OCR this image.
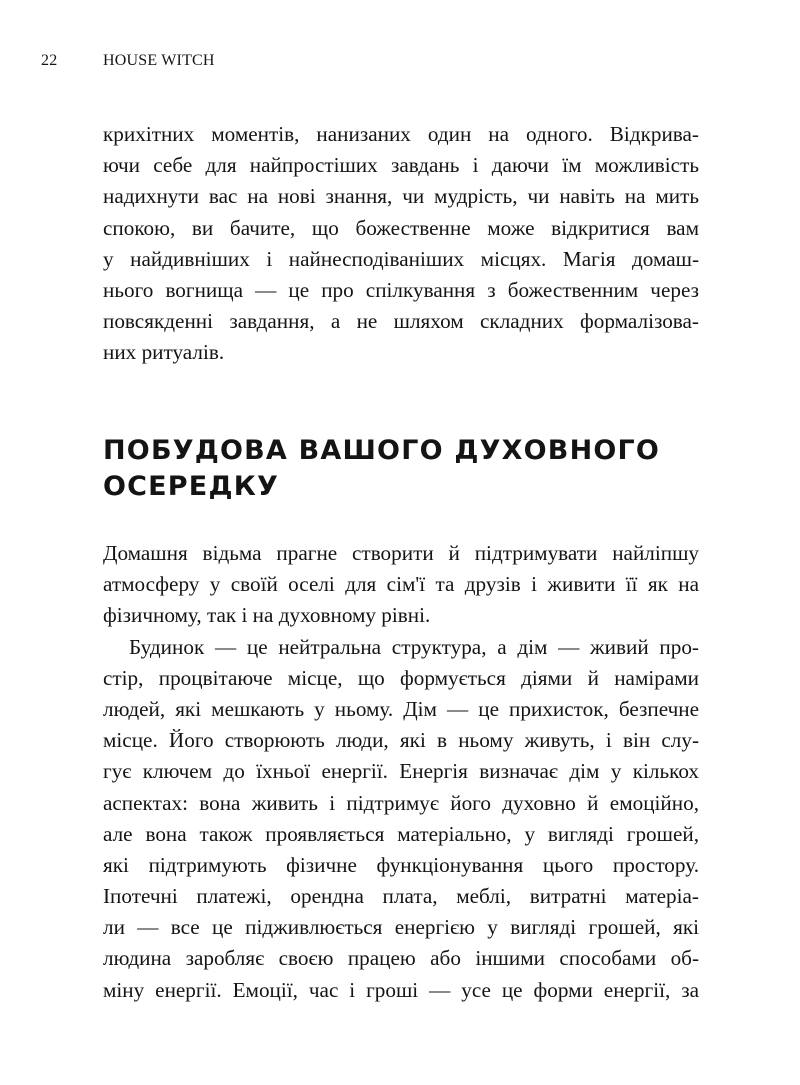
22	HOUSE WITCH

крихітних моментів, нанизаних один на одного. Відкрива-
ючи себе для найпростіших завдань і даючи їм можливість
надихнути вас на нові знання, чи мудрість, чи навіть на мить
спокою, ви бачите, що божественне може відкритися вам
у найдивніших і найнесподіваніших місцях. Магія домаш-
нього вогнища — це про спілкування з божественним через
повсякденні завдання, а не шляхом складних формалізова-
них ритуалів.

ПОБУДОВА ВАШОГО ДУХОВНОГО
ОСЕРЕДКУ

Домашня відьма прагне створити й підтримувати найліпшу
атмосферу у своїй оселі для сім'ї та друзів і живити її як на
фізичному, так і на духовному рівні.

Будинок — це нейтральна структура, а дім — живий про-
стір, процвітаюче місце, що формується діями й намірами
людей, які мешкають у ньому. Дім — це прихисток, безпечне
місце. Його створюють люди, які в ньому живуть, і він слу-
гує ключем до їхньої енергії. Енергія визначає дім у кількох
аспектах: вона живить і підтримує його духовно й емоційно,
але вона також проявляється матеріально, у вигляді грошей,
які підтримують фізичне функціонування цього простору.
Іпотечні платежі, орендна плата, меблі, витратні матеріа-
ли — все це підживлюється енергією у вигляді грошей, які
людина заробляє своєю працею або іншими способами об-
міну енергії. Емоції, час і гроші — усе це форми енергії, за
